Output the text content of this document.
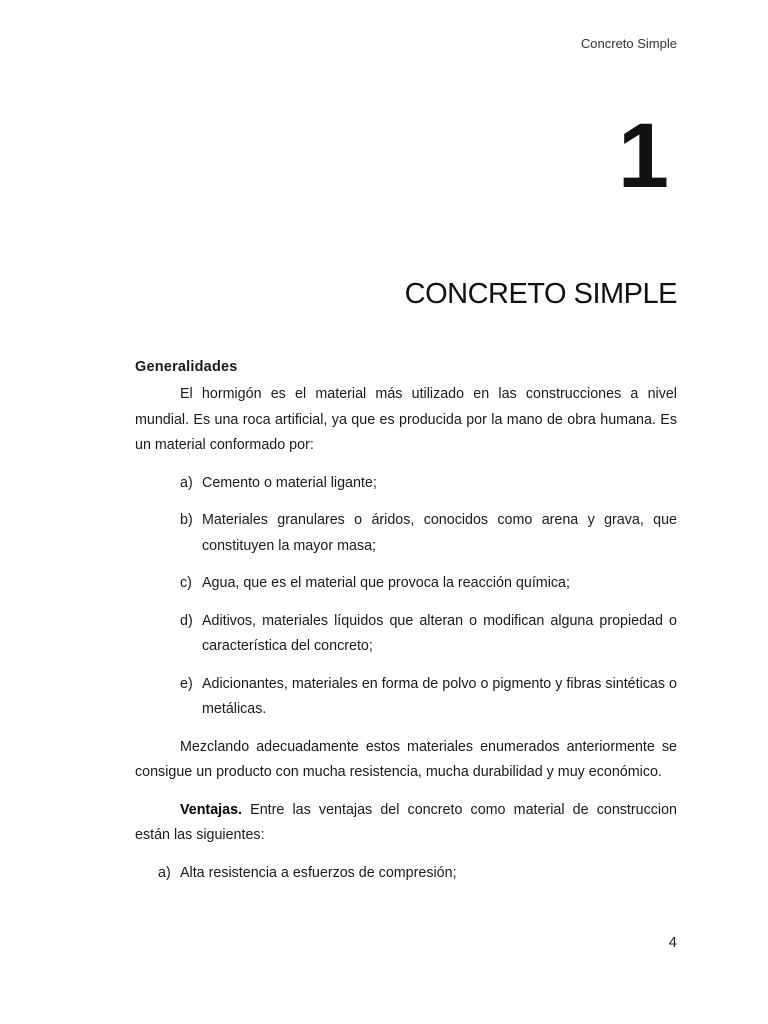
Concreto Simple
1
CONCRETO SIMPLE
Generalidades

El hormigón es el material más utilizado en las construcciones a nivel mundial. Es una roca artificial, ya que es producida por la mano de obra humana. Es un material conformado por:

a) Cemento o material ligante;
b) Materiales granulares o áridos, conocidos como arena y grava, que constituyen la mayor masa;
c) Agua, que es el material que provoca la reacción química;
d) Aditivos, materiales líquidos que alteran o modifican alguna propiedad o característica del concreto;
e) Adicionantes, materiales en forma de polvo o pigmento y fibras sintéticas o metálicas.

Mezclando adecuadamente estos materiales enumerados anteriormente se consigue un producto con mucha resistencia, mucha durabilidad y muy económico.

Ventajas. Entre las ventajas del concreto como material de construccion están las siguientes:

a) Alta resistencia a esfuerzos de compresión;
4
